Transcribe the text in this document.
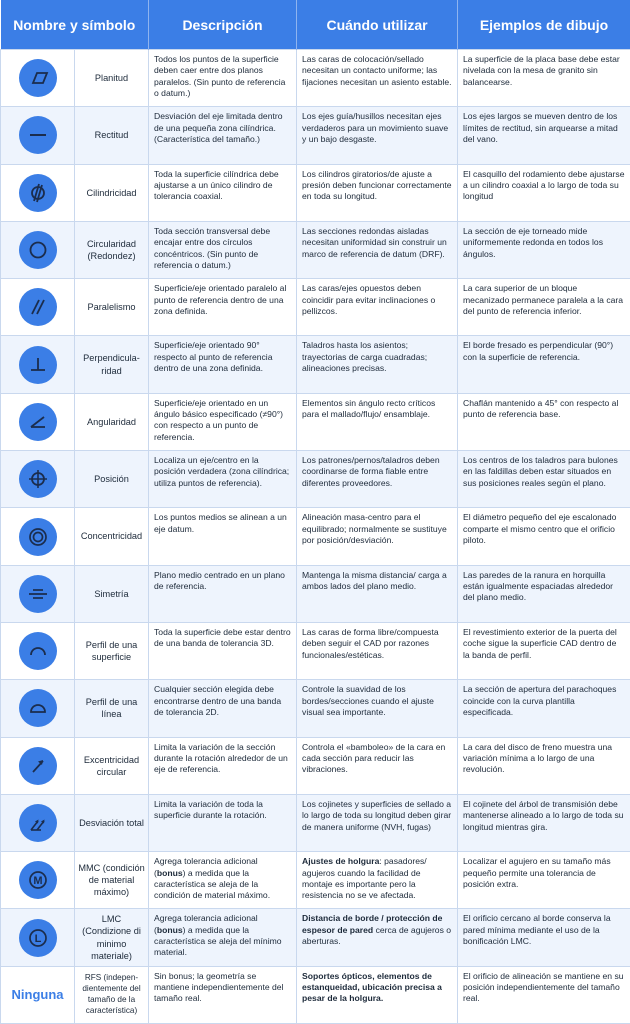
Nombre y símbolo		Descripción	Cuándo utilizar	Ejemplos de dibujo

	Planitud	Todos los puntos de la superficie deben caer entre dos planos paralelos. (Sin punto de referencia o datum.)	Las caras de colocación/sellado necesitan un contacto uniforme; las fijaciones necesitan un asiento estable.	La superficie de la placa base debe estar nivelada con la mesa de granito sin balancearse.

	Rectitud	Desviación del eje limitada dentro de una pequeña zona cilíndrica. (Característica del tamaño.)	Los ejes guía/husillos necesitan ejes verdaderos para un movimiento suave y un bajo desgaste.	Los ejes largos se mueven dentro de los límites de rectitud, sin arquearse a mitad del vano.

	Cilindricidad	Toda la superficie cilíndrica debe ajustarse a un único cilindro de tolerancia coaxial.	Los cilindros giratorios/de ajuste a presión deben funcionar correctamente en toda su longitud.	El casquillo del rodamiento debe ajustarse a un cilindro coaxial a lo largo de toda su longitud

	Circularidad (Redondez)	Toda sección transversal debe encajar entre dos círculos concéntricos. (Sin punto de referencia o datum.)	Las secciones redondas aisladas necesitan uniformidad sin construir un marco de referencia de datum (DRF).	La sección de eje torneado mide uniformemente redonda en todos los ángulos.

	Paralelismo	Superficie/eje orientado paralelo al punto de referencia dentro de una zona definida.	Las caras/ejes opuestos deben coincidir para evitar inclinaciones o pellizcos.	La cara superior de un bloque mecanizado permanece paralela a la cara del punto de referencia inferior.

	Perpendicula-ridad	Superficie/eje orientado 90° respecto al punto de referencia dentro de una zona definida.	Taladros hasta los asientos; trayectorias de carga cuadradas; alineaciones precisas.	El borde fresado es perpendicular (90°) con la superficie de referencia.

	Angularidad	Superficie/eje orientado en un ángulo básico especificado (≠90°) con respecto a un punto de referencia.	Elementos sin ángulo recto críticos para el mallado/flujo/ ensamblaje.	Chaflán mantenido a 45° con respecto al punto de referencia base.

	Posición	Localiza un eje/centro en la posición verdadera (zona cilíndrica; utiliza puntos de referencia).	Los patrones/pernos/taladros deben coordinarse de forma fiable entre diferentes proveedores.	Los centros de los taladros para bulones en las faldillas deben estar situados en sus posiciones reales según el plano.

	Concentricidad	Los puntos medios se alinean a un eje datum.	Alineación masa-centro para el equilibrado; normalmente se sustituye por posición/desviación.	El diámetro pequeño del eje escalonado comparte el mismo centro que el orificio piloto.

	Simetría	Plano medio centrado en un plano de referencia.	Mantenga la misma distancia/ carga a ambos lados del plano medio.	Las paredes de la ranura en horquilla están igualmente espaciadas alrededor del plano medio.

	Perfil de una superficie	Toda la superficie debe estar dentro de una banda de tolerancia 3D.	Las caras de forma libre/compuesta deben seguir el CAD por razones funcionales/estéticas.	El revestimiento exterior de la puerta del coche sigue la superficie CAD dentro de la banda de perfil.

	Perfil de una línea	Cualquier sección elegida debe encontrarse dentro de una banda de tolerancia 2D.	Controle la suavidad de los bordes/secciones cuando el ajuste visual sea importante.	La sección de apertura del parachoques coincide con la curva plantilla especificada.

	Excentricidad circular	Limita la variación de la sección durante la rotación alrededor de un eje de referencia.	Controla el «bamboleo» de la cara en cada sección para reducir las vibraciones.	La cara del disco de freno muestra una variación mínima a lo largo de una revolución.

	Desviación total	Limita la variación de toda la superficie durante la rotación.	Los cojinetes y superficies de sellado a lo largo de toda su longitud deben girar de manera uniforme (NVH, fugas)	El cojinete del árbol de transmisión debe mantenerse alineado a lo largo de toda su longitud mientras gira.

M	MMC (condición de material máximo)	Agrega tolerancia adicional (bonus) a medida que la característica se aleja de la condición de material máximo.	Ajustes de holgura: pasadores/ agujeros cuando la facilidad de montaje es importante pero la resistencia no se ve afectada.	Localizar el agujero en su tamaño más pequeño permite una tolerancia de posición extra.

L	LMC (Condizione di minimo materiale)	Agrega tolerancia adicional (bonus) a medida que la característica se aleja del mínimo material.	Distancia de borde / protección de espesor de pared cerca de agujeros o aberturas.	El orificio cercano al borde conserva la pared mínima mediante el uso de la bonificación LMC.
Ninguna	RFS (indepen-dientemente del tamaño de la característica)	Sin bonus; la geometría se mantiene independientemente del tamaño real.	Soportes ópticos, elementos de estanqueidad, ubicación precisa a pesar de la holgura.	El orificio de alineación se mantiene en su posición independientemente del tamaño real.
